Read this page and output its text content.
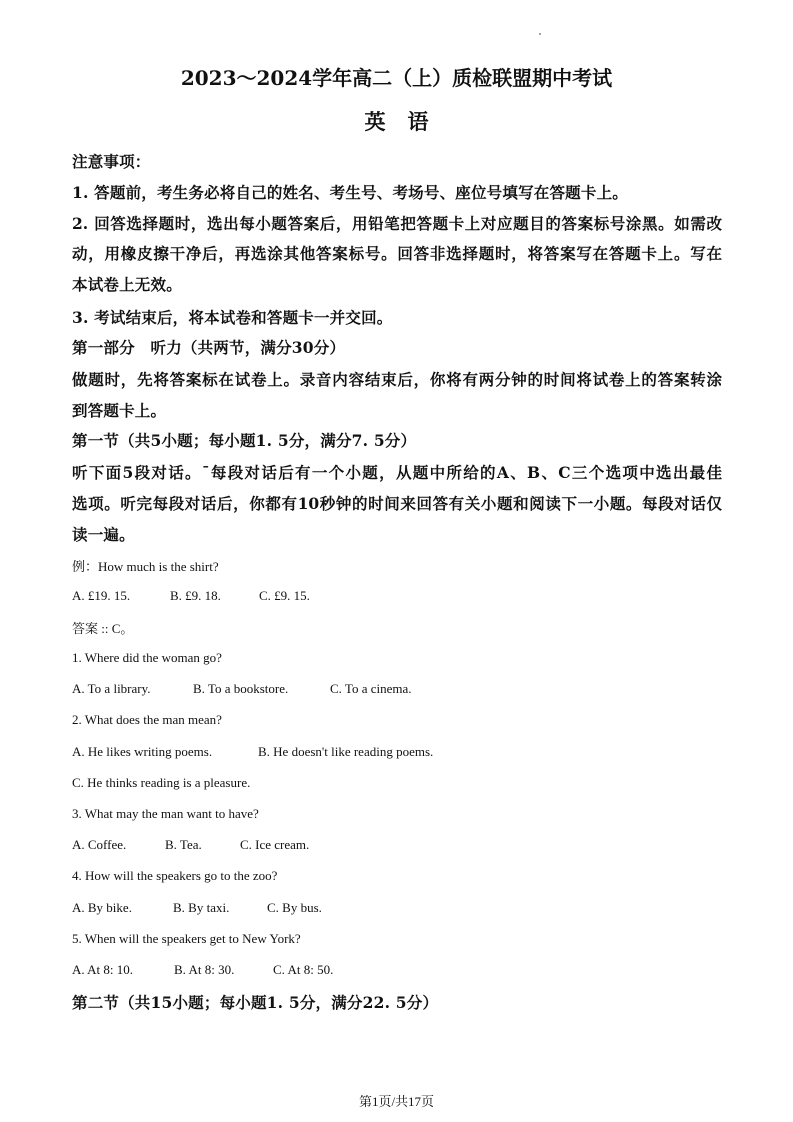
2023～2024学年高二（上）质检联盟期中考试
英语
注意事项：
1. 答题前，考生务必将自己的姓名、考生号、考场号、座位号填写在答题卡上。
2. 回答选择题时，选出每小题答案后，用铅笔把答题卡上对应题目的答案标号涂黑。如需改
动，用橡皮擦干净后，再选涂其他答案标号。回答非选择题时，将答案写在答题卡上。写在
本试卷上无效。
3. 考试结束后，将本试卷和答题卡一并交回。
第一部分　听力（共两节，满分30分）
做题时，先将答案标在试卷上。录音内容结束后，你将有两分钟的时间将试卷上的答案转涂
到答题卡上。
第一节（共5小题；每小题1. 5分，满分7. 5分）
听下面5段对话。¯每段对话后有一个小题，从题中所给的A、B、C三个选项中选出最佳
选项。听完每段对话后，你都有10秒钟的时间来回答有关小题和阅读下一小题。每段对话仅
读一遍。
例：How much is the shirt?
A. £19. 15.	B. £9. 18.	C. £9. 15.
答案 :: C。
1. Where did the woman go?
A. To a library.	B. To a bookstore.	C. To a cinema.
2. What does the man mean?
A. He likes writing poems.	B. He doesn't like reading poems.
C. He thinks reading is a pleasure.
3. What may the man want to have?
A. Coffee.	B. Tea.	C. Ice cream.
4. How will the speakers go to the zoo?
A. By bike.	B. By taxi.	C. By bus.
5. When will the speakers get to New York?
A. At 8: 10.	B. At 8: 30.	C. At 8: 50.
第二节（共15小题；每小题1. 5分，满分22. 5分）
第1页/共17页
